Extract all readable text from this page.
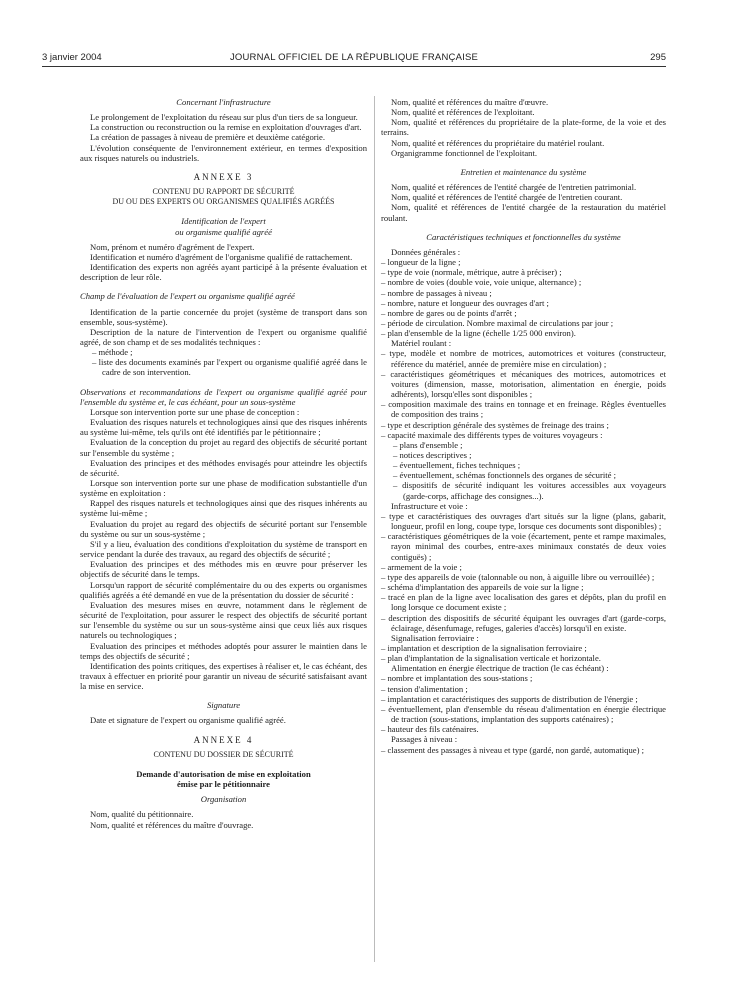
3 janvier 2004	JOURNAL OFFICIEL DE LA RÉPUBLIQUE FRANÇAISE	295

Concernant l'infrastructure

Le prolongement de l'exploitation du réseau sur plus d'un tiers de sa longueur.

La construction ou reconstruction ou la remise en exploitation d'ouvrages d'art.

La création de passages à niveau de première et deuxième catégorie.

L'évolution conséquente de l'environnement extérieur, en termes d'exposition aux risques naturels ou industriels.

ANNEXE 3

CONTENU DU RAPPORT DE SÉCURITÉ

DU OU DES EXPERTS OU ORGANISMES QUALIFIÉS AGRÉÉS

Identification de l'expert

ou organisme qualifié agréé

Nom, prénom et numéro d'agrément de l'expert.

Identification et numéro d'agrément de l'organisme qualifié de rattachement.

Identification des experts non agréés ayant participé à la présente évaluation et description de leur rôle.

Champ de l'évaluation de l'expert ou organisme qualifié agréé

Identification de la partie concernée du projet (système de transport dans son ensemble, sous-système).

Description de la nature de l'intervention de l'expert ou organisme qualifié agréé, de son champ et de ses modalités techniques :

– méthode ;

– liste des documents examinés par l'expert ou organisme qualifié agréé dans le cadre de son intervention.

Observations et recommandations de l'expert ou organisme qualifié agréé pour l'ensemble du système et, le cas échéant, pour un sous-système

Lorsque son intervention porte sur une phase de conception :

Evaluation des risques naturels et technologiques ainsi que des risques inhérents au système lui-même, tels qu'ils ont été identifiés par le pétitionnaire ;

Evaluation de la conception du projet au regard des objectifs de sécurité portant sur l'ensemble du système ;

Evaluation des principes et des méthodes envisagés pour atteindre les objectifs de sécurité.

Lorsque son intervention porte sur une phase de modification substantielle d'un système en exploitation :

Rappel des risques naturels et technologiques ainsi que des risques inhérents au système lui-même ;

Evaluation du projet au regard des objectifs de sécurité portant sur l'ensemble du système ou sur un sous-système ;

S'il y a lieu, évaluation des conditions d'exploitation du système de transport en service pendant la durée des travaux, au regard des objectifs de sécurité ;

Evaluation des principes et des méthodes mis en œuvre pour préserver les objectifs de sécurité dans le temps.

Lorsqu'un rapport de sécurité complémentaire du ou des experts ou organismes qualifiés agréés a été demandé en vue de la présentation du dossier de sécurité :

Evaluation des mesures mises en œuvre, notamment dans le règlement de sécurité de l'exploitation, pour assurer le respect des objectifs de sécurité portant sur l'ensemble du système ou sur un sous-système ainsi que ceux liés aux risques naturels ou technologiques ;

Evaluation des principes et méthodes adoptés pour assurer le maintien dans le temps des objectifs de sécurité ;

Identification des points critiques, des expertises à réaliser et, le cas échéant, des travaux à effectuer en priorité pour garantir un niveau de sécurité satisfaisant avant la mise en service.

Signature

Date et signature de l'expert ou organisme qualifié agréé.

ANNEXE 4

CONTENU DU DOSSIER DE SÉCURITÉ

Demande d'autorisation de mise en exploitation

émise par le pétitionnaire

Organisation

Nom, qualité du pétitionnaire.

Nom, qualité et références du maître d'ouvrage.

Nom, qualité et références du maître d'œuvre.

Nom, qualité et références de l'exploitant.

Nom, qualité et références du propriétaire de la plate-forme, de la voie et des terrains.

Nom, qualité et références du propriétaire du matériel roulant.

Organigramme fonctionnel de l'exploitant.

Entretien et maintenance du système

Nom, qualité et références de l'entité chargée de l'entretien patrimonial.

Nom, qualité et références de l'entité chargée de l'entretien courant.

Nom, qualité et références de l'entité chargée de la restauration du matériel roulant.

Caractéristiques techniques et fonctionnelles du système

Données générales :

– longueur de la ligne ;

– type de voie (normale, métrique, autre à préciser) ;

– nombre de voies (double voie, voie unique, alternance) ;

– nombre de passages à niveau ;

– nombre, nature et longueur des ouvrages d'art ;

– nombre de gares ou de points d'arrêt ;

– période de circulation. Nombre maximal de circulations par jour ;

– plan d'ensemble de la ligne (échelle 1/25 000 environ).

Matériel roulant :

– type, modèle et nombre de motrices, automotrices et voitures (constructeur, référence du matériel, année de première mise en circulation) ;

– caractéristiques géométriques et mécaniques des motrices, automotrices et voitures (dimension, masse, motorisation, alimentation en énergie, poids adhérents), lorsqu'elles sont disponibles ;

– composition maximale des trains en tonnage et en freinage. Règles éventuelles de composition des trains ;

– type et description générale des systèmes de freinage des trains ;

– capacité maximale des différents types de voitures voyageurs :

– plans d'ensemble ;

– notices descriptives ;

– éventuellement, fiches techniques ;

– éventuellement, schémas fonctionnels des organes de sécurité ;

– dispositifs de sécurité indiquant les voitures accessibles aux voyageurs (garde-corps, affichage des consignes...).

Infrastructure et voie :

– type et caractéristiques des ouvrages d'art situés sur la ligne (plans, gabarit, longueur, profil en long, coupe type, lorsque ces documents sont disponibles) ;

– caractéristiques géométriques de la voie (écartement, pente et rampe maximales, rayon minimal des courbes, entre-axes minimaux constatés de deux voies contiguës) ;

– armement de la voie ;

– type des appareils de voie (talonnable ou non, à aiguille libre ou verrouillée) ;

– schéma d'implantation des appareils de voie sur la ligne ;

– tracé en plan de la ligne avec localisation des gares et dépôts, plan du profil en long lorsque ce document existe ;

– description des dispositifs de sécurité équipant les ouvrages d'art (garde-corps, éclairage, désenfumage, refuges, galeries d'accès) lorsqu'il en existe.

Signalisation ferroviaire :

– implantation et description de la signalisation ferroviaire ;

– plan d'implantation de la signalisation verticale et horizontale.

Alimentation en énergie électrique de traction (le cas échéant) :

– nombre et implantation des sous-stations ;

– tension d'alimentation ;

– implantation et caractéristiques des supports de distribution de l'énergie ;

– éventuellement, plan d'ensemble du réseau d'alimentation en énergie électrique de traction (sous-stations, implantation des supports caténaires) ;

– hauteur des fils caténaires.

Passages à niveau :

– classement des passages à niveau et type (gardé, non gardé, automatique) ;
